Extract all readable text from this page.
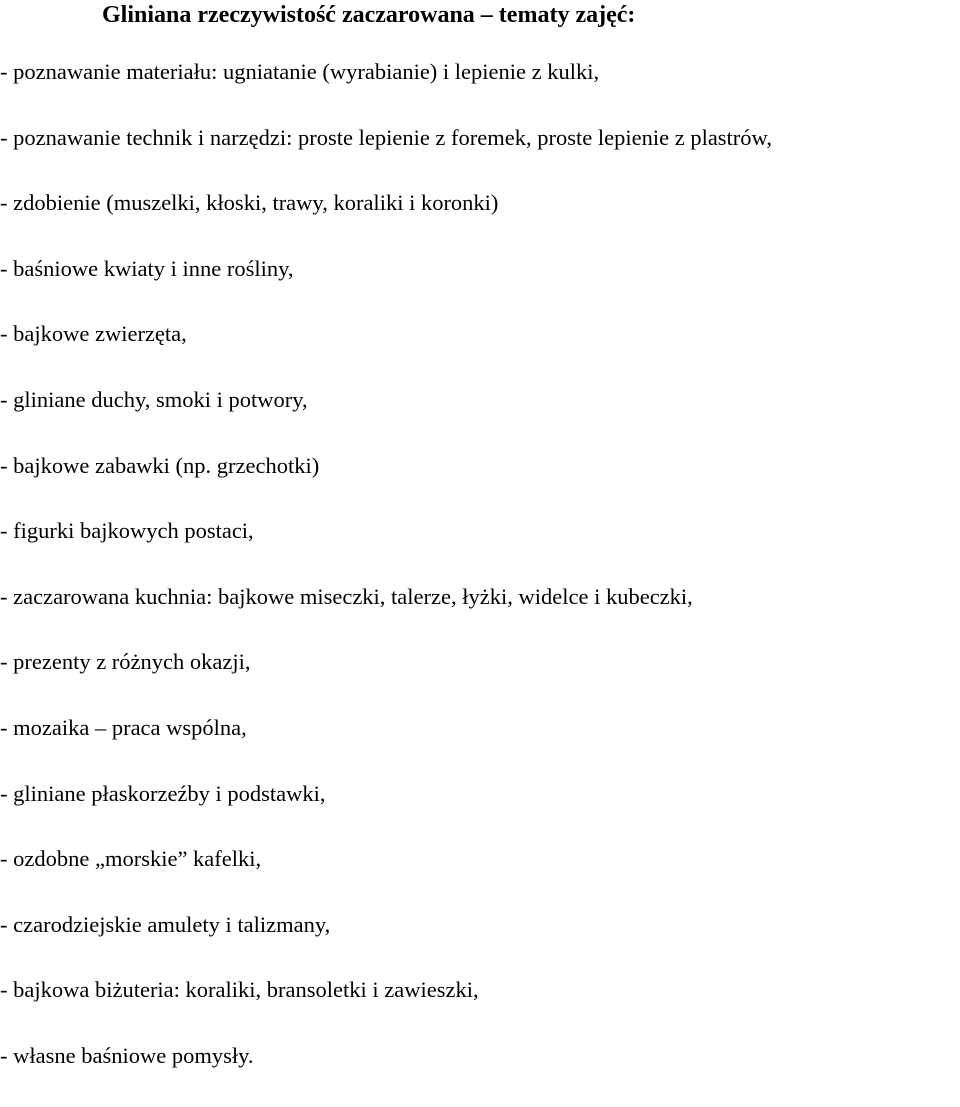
Gliniana rzeczywistość zaczarowana – tematy zajęć:
- poznawanie materiału: ugniatanie (wyrabianie) i lepienie z kulki,
- poznawanie technik i narzędzi: proste lepienie z foremek, proste lepienie z plastrów,
- zdobienie (muszelki, kłoski, trawy, koraliki i koronki)
- baśniowe kwiaty i inne rośliny,
- bajkowe zwierzęta,
- gliniane duchy, smoki i potwory,
- bajkowe zabawki (np. grzechotki)
- figurki bajkowych postaci,
- zaczarowana kuchnia: bajkowe miseczki, talerze, łyżki, widelce i kubeczki,
- prezenty z różnych okazji,
- mozaika – praca wspólna,
- gliniane płaskorzeźby i podstawki,
- ozdobne „morskie” kafelki,
- czarodziejskie amulety i talizmany,
- bajkowa biżuteria: koraliki, bransoletki i zawieszki,
- własne baśniowe pomysły.
